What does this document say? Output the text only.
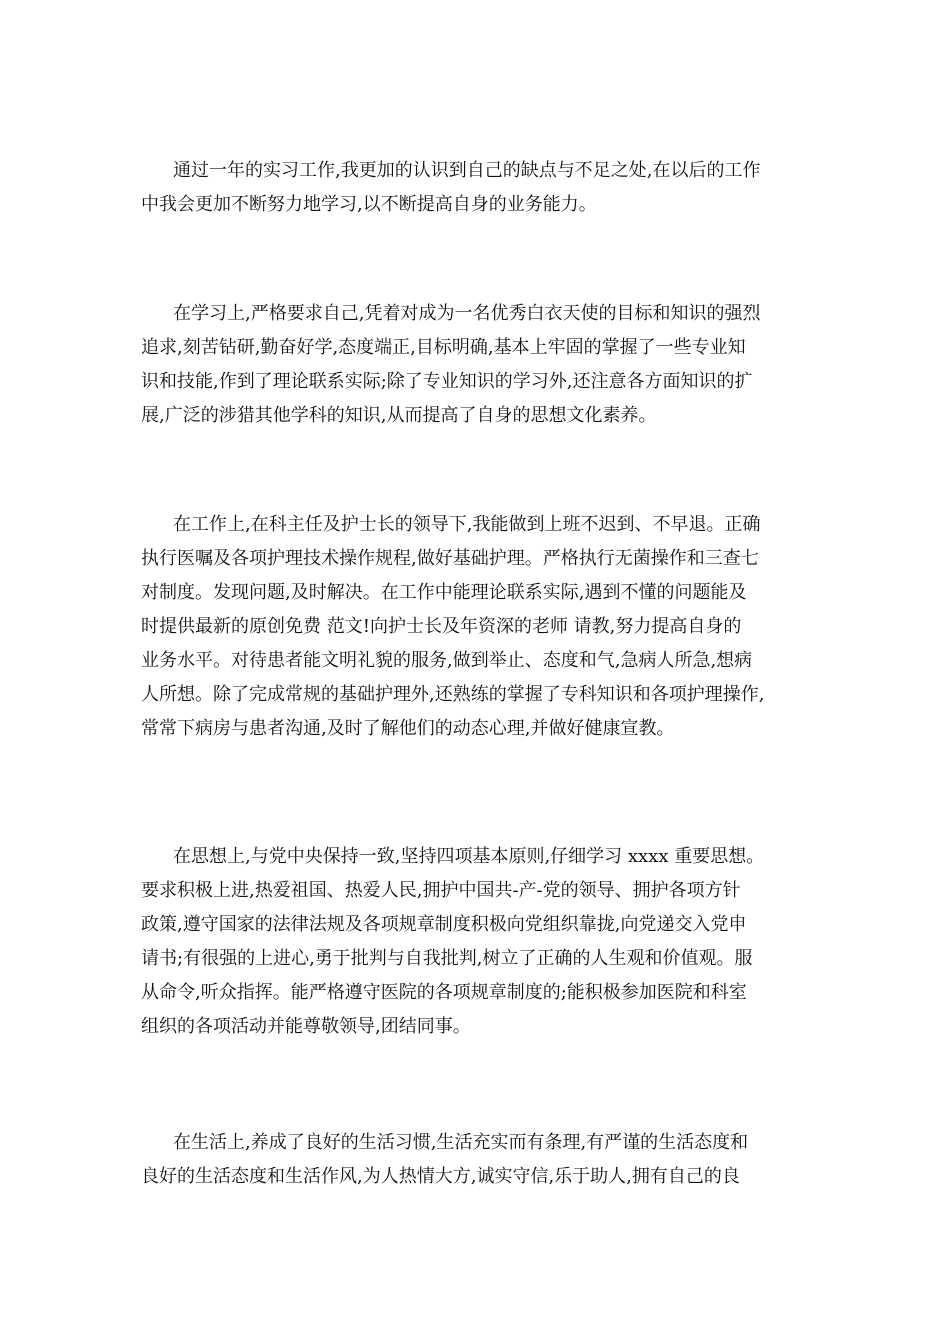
通过一年的实习工作,我更加的认识到自己的缺点与不足之处,在以后的工作
中我会更加不断努力地学习,以不断提高自身的业务能力。
在学习上,严格要求自己,凭着对成为一名优秀白衣天使的目标和知识的强烈
追求,刻苦钻研,勤奋好学,态度端正,目标明确,基本上牢固的掌握了一些专业知
识和技能,作到了理论联系实际;除了专业知识的学习外,还注意各方面知识的扩
展,广泛的涉猎其他学科的知识,从而提高了自身的思想文化素养。
在工作上,在科主任及护士长的领导下,我能做到上班不迟到、不早退。正确
执行医嘱及各项护理技术操作规程,做好基础护理。严格执行无菌操作和三查七
对制度。发现问题,及时解决。在工作中能理论联系实际,遇到不懂的问题能及
时提供最新的原创免费 范文!向护士长及年资深的老师 请教,努力提高自身的
业务水平。对待患者能文明礼貌的服务,做到举止、态度和气,急病人所急,想病
人所想。除了完成常规的基础护理外,还熟练的掌握了专科知识和各项护理操作,
常常下病房与患者沟通,及时了解他们的动态心理,并做好健康宣教。
在思想上,与党中央保持一致,坚持四项基本原则,仔细学习 xxxx 重要思想。
要求积极上进,热爱祖国、热爱人民,拥护中国共-产-党的领导、拥护各项方针
政策,遵守国家的法律法规及各项规章制度积极向党组织靠拢,向党递交入党申
请书;有很强的上进心,勇于批判与自我批判,树立了正确的人生观和价值观。服
从命令,听众指挥。能严格遵守医院的各项规章制度的;能积极参加医院和科室
组织的各项活动并能尊敬领导,团结同事。
在生活上,养成了良好的生活习惯,生活充实而有条理,有严谨的生活态度和
良好的生活态度和生活作风,为人热情大方,诚实守信,乐于助人,拥有自己的良
